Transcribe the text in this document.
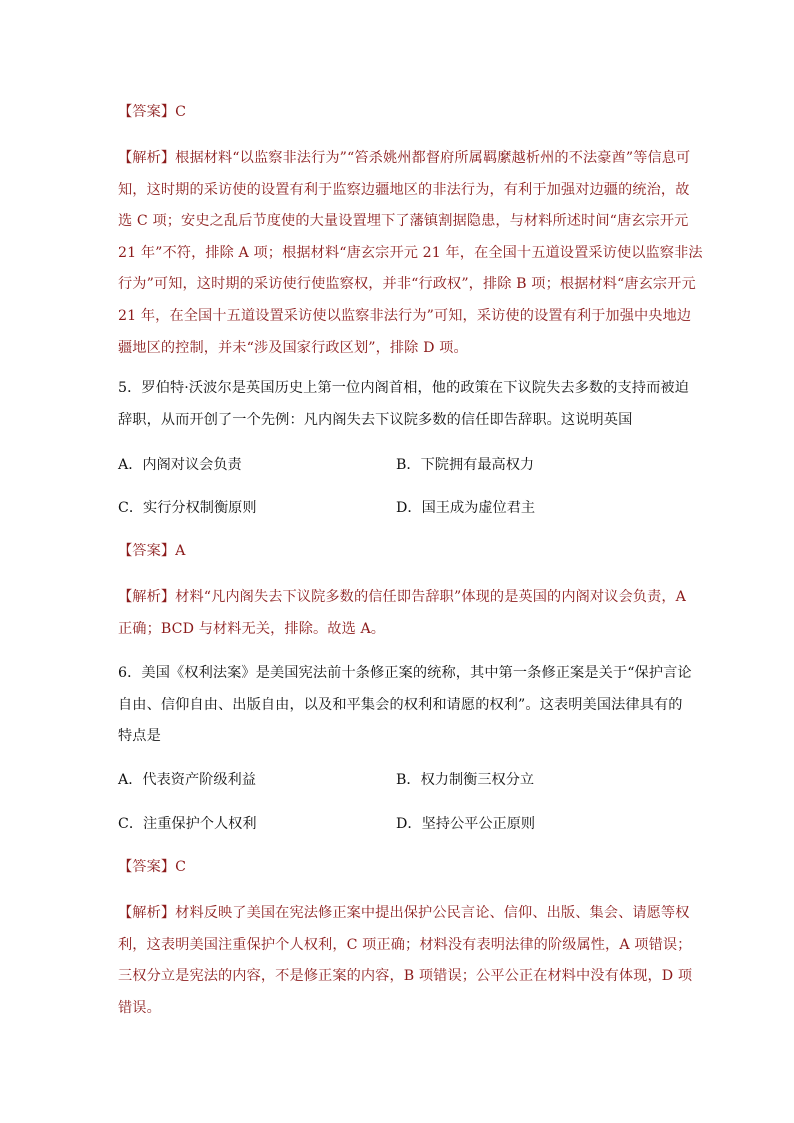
【答案】C
【解析】根据材料“以监察非法行为”“笞杀姚州都督府所属羁縻越析州的不法豪酋”等信息可
知，这时期的采访使的设置有利于监察边疆地区的非法行为，有利于加强对边疆的统治，故
选 C 项；安史之乱后节度使的大量设置埋下了藩镇割据隐患，与材料所述时间“唐玄宗开元
21 年”不符，排除 A 项；根据材料“唐玄宗开元 21 年，在全国十五道设置采访使以监察非法
行为”可知，这时期的采访使行使监察权，并非“行政权”，排除 B 项；根据材料“唐玄宗开元
21 年，在全国十五道设置采访使以监察非法行为”可知，采访使的设置有利于加强中央地边
疆地区的控制，并未“涉及国家行政区划”，排除 D 项。
5．罗伯特·沃波尔是英国历史上第一位内阁首相，他的政策在下议院失去多数的支持而被迫
辞职，从而开创了一个先例：凡内阁失去下议院多数的信任即告辞职。这说明英国
A．内阁对议会负责	B．下院拥有最高权力
C．实行分权制衡原则	D．国王成为虚位君主
【答案】A
【解析】材料“凡内阁失去下议院多数的信任即告辞职”体现的是英国的内阁对议会负责，A
正确；BCD 与材料无关，排除。故选 A。
6．美国《权利法案》是美国宪法前十条修正案的统称，其中第一条修正案是关于“保护言论
自由、信仰自由、出版自由，以及和平集会的权利和请愿的权利”。这表明美国法律具有的
特点是
A．代表资产阶级利益	B．权力制衡三权分立
C．注重保护个人权利	D．坚持公平公正原则
【答案】C
【解析】材料反映了美国在宪法修正案中提出保护公民言论、信仰、出版、集会、请愿等权
利，这表明美国注重保护个人权利，C 项正确；材料没有表明法律的阶级属性，A 项错误；
三权分立是宪法的内容，不是修正案的内容，B 项错误；公平公正在材料中没有体现，D 项
错误。
